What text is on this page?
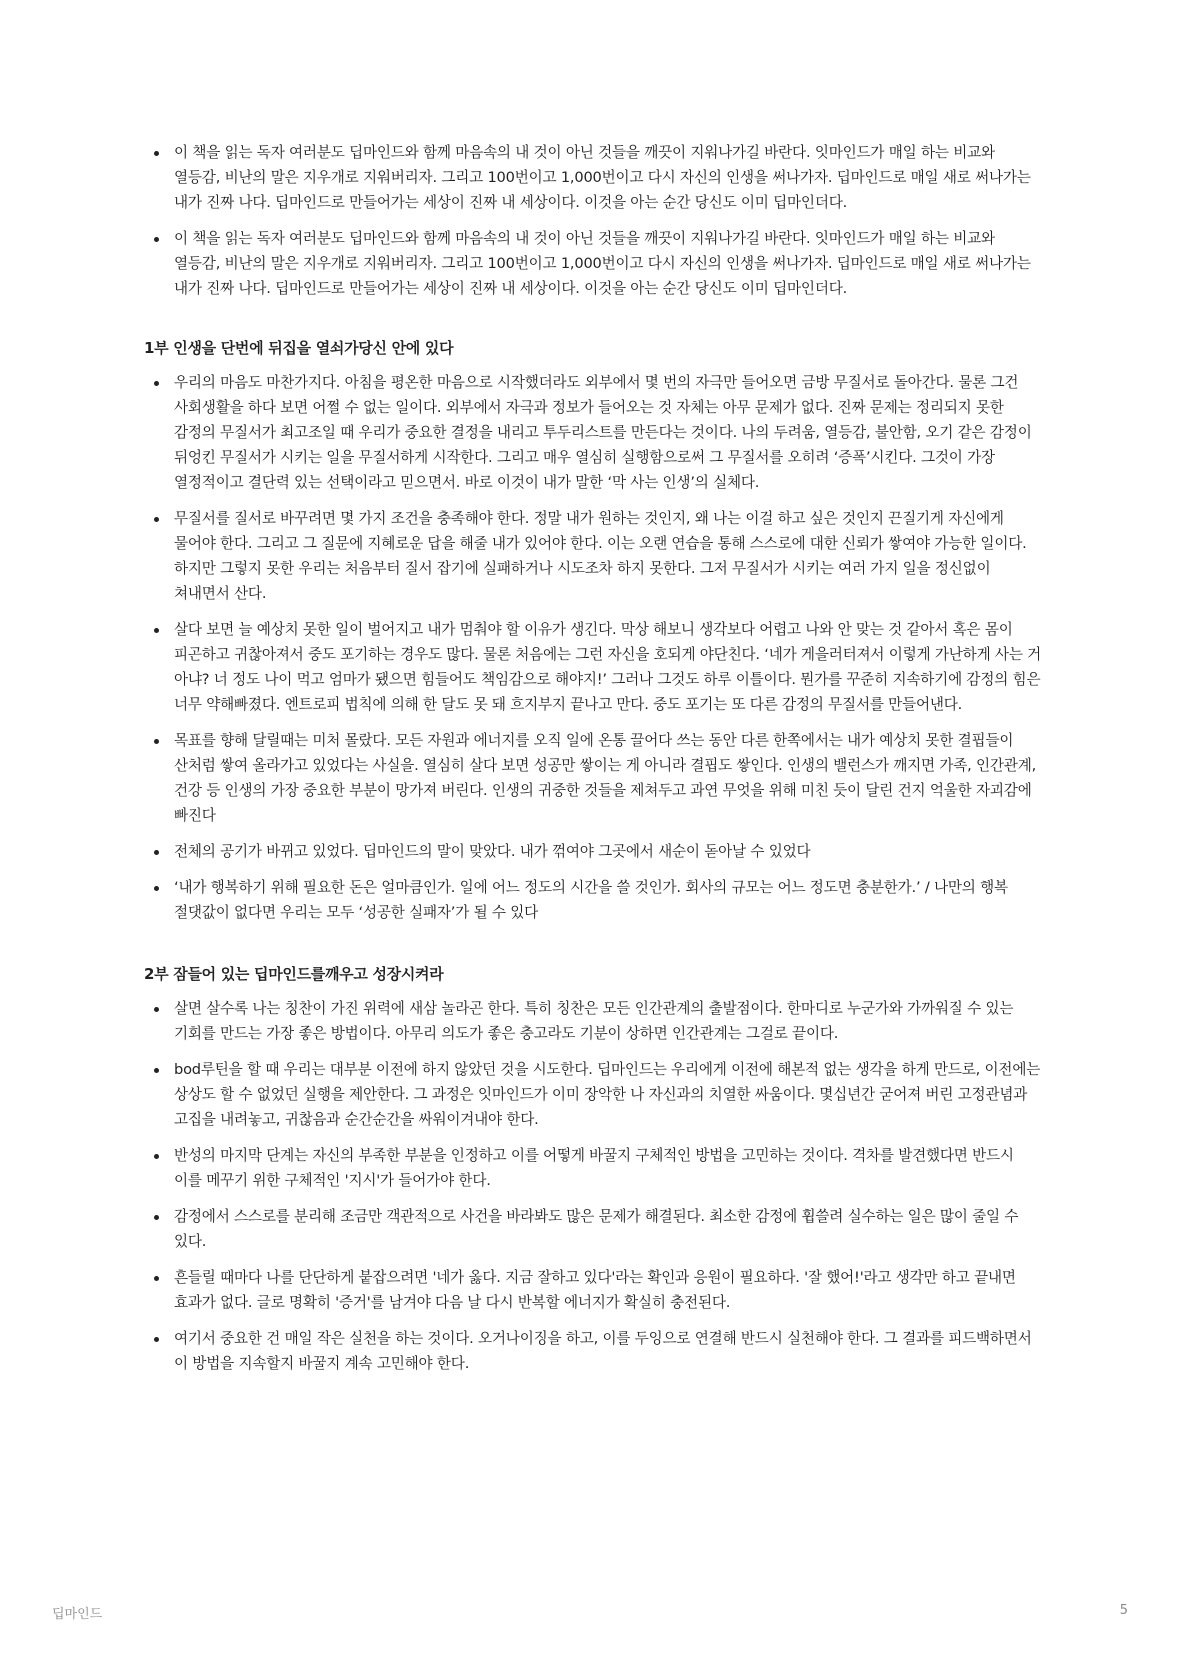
이 책을 읽는 독자 여러분도 딥마인드와 함께 마음속의 내 것이 아닌 것들을 깨끗이 지워나가길 바란다. 잇마인드가 매일 하는 비교와 열등감, 비난의 말은 지우개로 지워버리자. 그리고 100번이고 1,000번이고 다시 자신의 인생을 써나가자. 딥마인드로 매일 새로 써나가는 내가 진짜 나다. 딥마인드로 만들어가는 세상이 진짜 내 세상이다. 이것을 아는 순간 당신도 이미 딥마인더다.
이 책을 읽는 독자 여러분도 딥마인드와 함께 마음속의 내 것이 아닌 것들을 깨끗이 지워나가길 바란다. 잇마인드가 매일 하는 비교와 열등감, 비난의 말은 지우개로 지워버리자. 그리고 100번이고 1,000번이고 다시 자신의 인생을 써나가자. 딥마인드로 매일 새로 써나가는 내가 진짜 나다. 딥마인드로 만들어가는 세상이 진짜 내 세상이다. 이것을 아는 순간 당신도 이미 딥마인더다.
1부 인생을 단번에 뒤집을 열쇠가당신 안에 있다
우리의 마음도 마찬가지다. 아침을 평온한 마음으로 시작했더라도 외부에서 몇 번의 자극만 들어오면 금방 무질서로 돌아간다. 물론 그건 사회생활을 하다 보면 어쩔 수 없는 일이다. 외부에서 자극과 정보가 들어오는 것 자체는 아무 문제가 없다. 진짜 문제는 정리되지 못한 감정의 무질서가 최고조일 때 우리가 중요한 결정을 내리고 투두리스트를 만든다는 것이다. 나의 두려움, 열등감, 불안함, 오기 같은 감정이 뒤엉킨 무질서가 시키는 일을 무질서하게 시작한다. 그리고 매우 열심히 실행함으로써 그 무질서를 오히려 ‘증폭’시킨다. 그것이 가장 열정적이고 결단력 있는 선택이라고 믿으면서. 바로 이것이 내가 말한 ‘막 사는 인생’의 실체다.
무질서를 질서로 바꾸려면 몇 가지 조건을 충족해야 한다. 정말 내가 원하는 것인지, 왜 나는 이걸 하고 싶은 것인지 끈질기게 자신에게 물어야 한다. 그리고 그 질문에 지혜로운 답을 해줄 내가 있어야 한다. 이는 오랜 연습을 통해 스스로에 대한 신뢰가 쌓여야 가능한 일이다. 하지만 그렇지 못한 우리는 처음부터 질서 잡기에 실패하거나 시도조차 하지 못한다. 그저 무질서가 시키는 여러 가지 일을 정신없이 쳐내면서 산다.
살다 보면 늘 예상치 못한 일이 벌어지고 내가 멈춰야 할 이유가 생긴다. 막상 해보니 생각보다 어렵고 나와 안 맞는 것 같아서 혹은 몸이 피곤하고 귀찮아져서 중도 포기하는 경우도 많다. 물론 처음에는 그런 자신을 호되게 야단친다. ‘네가 게을러터져서 이렇게 가난하게 사는 거 아냐? 너 정도 나이 먹고 엄마가 됐으면 힘들어도 책임감으로 해야지!’ 그러나 그것도 하루 이틀이다. 뭔가를 꾸준히 지속하기에 감정의 힘은 너무 약해빠졌다. 엔트로피 법칙에 의해 한 달도 못 돼 흐지부지 끝나고 만다. 중도 포기는 또 다른 감정의 무질서를 만들어낸다.
목표를 향해 달릴때는 미처 몰랐다. 모든 자원과 에너지를 오직 일에 온통 끌어다 쓰는 동안 다른 한쪽에서는 내가 예상치 못한 결핍들이 산처럼 쌓여 올라가고 있었다는 사실을. 열심히 살다 보면 성공만 쌓이는 게 아니라 결핍도 쌓인다. 인생의 밸런스가 깨지면 가족, 인간관계, 건강 등 인생의 가장 중요한 부분이 망가져 버린다. 인생의 귀중한 것들을 제쳐두고 과연 무엇을 위해 미친 듯이 달린 건지 억울한 자괴감에 빠진다
전체의 공기가 바뀌고 있었다. 딥마인드의 말이 맞았다. 내가 꺾여야 그곳에서 새순이 돋아날 수 있었다
‘내가 행복하기 위해 필요한 돈은 얼마큼인가. 일에 어느 정도의 시간을 쓸 것인가. 회사의 규모는 어느 정도면 충분한가.’ / 나만의 행복 절댓값이 없다면 우리는 모두 ‘성공한 실패자’가 될 수 있다
2부 잠들어 있는 딥마인드를깨우고 성장시켜라
살면 살수록 나는 칭찬이 가진 위력에 새삼 놀라곤 한다. 특히 칭찬은 모든 인간관계의 출발점이다. 한마디로 누군가와 가까워질 수 있는 기회를 만드는 가장 좋은 방법이다. 아무리 의도가 좋은 충고라도 기분이 상하면 인간관계는 그걸로 끝이다.
bod루틴을 할 때 우리는 대부분 이전에 하지 않았던 것을 시도한다. 딥마인드는 우리에게 이전에 해본적 없는 생각을 하게 만드로, 이전에는 상상도 할 수 없었던 실행을 제안한다. 그 과정은 잇마인드가 이미 장악한 나 자신과의 치열한 싸움이다. 몇십년간 굳어져 버린 고정관념과 고집을 내려놓고, 귀찮음과 순간순간을 싸워이겨내야 한다.
반성의 마지막 단계는 자신의 부족한 부분을 인정하고 이를 어떻게 바꿀지 구체적인 방법을 고민하는 것이다. 격차를 발견했다면 반드시 이를 메꾸기 위한 구체적인 '지시'가 들어가야 한다.
감정에서 스스로를 분리해 조금만 객관적으로 사건을 바라봐도 많은 문제가 해결된다. 최소한 감정에 휩쓸려 실수하는 일은 많이 줄일 수 있다.
흔들릴 때마다 나를 단단하게 붙잡으려면 '네가 옳다. 지금 잘하고 있다'라는 확인과 응원이 필요하다. '잘 했어!'라고 생각만 하고 끝내면 효과가 없다. 글로 명확히 '증거'를 남겨야 다음 날 다시 반복할 에너지가 확실히 충전된다.
여기서 중요한 건 매일 작은 실천을 하는 것이다. 오거나이징을 하고, 이를 두잉으로 연결해 반드시 실천해야 한다. 그 결과를 피드백하면서 이 방법을 지속할지 바꿀지 계속 고민해야 한다.
딥마인드	5
